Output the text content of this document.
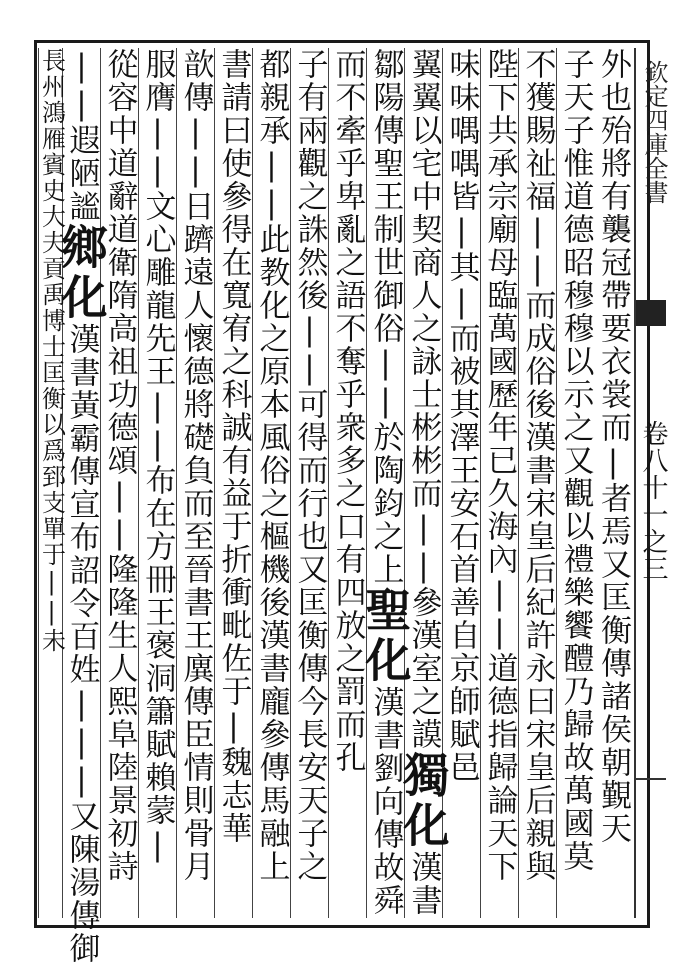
欽定四庫全書
卷八十一之三
外也殆將有襲冠帶要衣裳而|者焉又匡衡傳諸侯朝覲天
子天子惟道德昭穆穆以示之又觀以禮樂饗醴乃歸故萬國莫
不獲賜祉福||而成俗後漢書宋皇后紀許永曰宋皇后親與
陛下共承宗廟母臨萬國歷年已久海內||道德指歸論天下
味味喁喁皆|其|而被其澤王安石首善自京師賦邑
翼翼以宅中契商人之詠士彬彬而||參漢室之謨
獨化
漢書
鄒陽傳聖王制世御俗||於陶鈞之上
聖化
漢書劉向傳故舜
而不牽乎卑亂之語不奪乎衆多之口有四放之罰而孔
子有兩觀之誅然後||可得而行也又匡衡傳今長安天子之
都親承||此教化之原本風俗之樞機後漢書龐參傳馬融上
書請曰使參得在寬宥之科誠有益于折衝毗佐于|魏志華
歆傳||日躋遠人懷德將礎負而至晉書王廙傳臣情則骨月
服膺||文心雕龍先王||布在方冊王褒洞簫賦賴蒙|
從容中道辭道衛隋高祖功德頌||隆隆生人熙阜陸景初詩
||遐陋謐
鄉化
漢書黃霸傳宣布詔令百姓|||又陳湯傳御
長州鴻雁賓
史大夫貢禹博士匡衡以爲郅支單于||未
